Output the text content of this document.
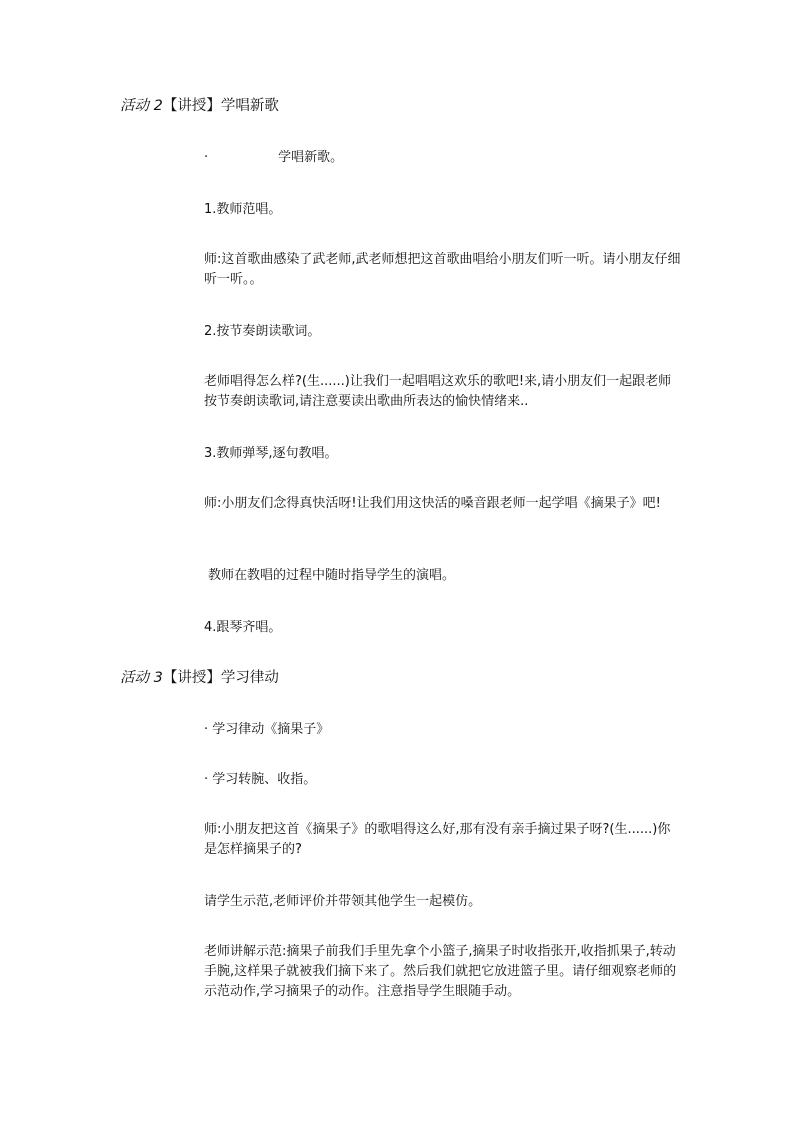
活动 2【讲授】学唱新歌
·	学唱新歌。
1.教师范唱。
师:这首歌曲感染了武老师,武老师想把这首歌曲唱给小朋友们听一听。请小朋友仔细听一听。。
2.按节奏朗读歌词。
老师唱得怎么样?(生......)让我们一起唱唱这欢乐的歌吧!来,请小朋友们一起跟老师按节奏朗读歌词,请注意要读出歌曲所表达的愉快情绪来..
3.教师弹琴,逐句教唱。
师:小朋友们念得真快活呀!让我们用这快活的嗓音跟老师一起学唱《摘果子》吧!
教师在教唱的过程中随时指导学生的演唱。
4.跟琴齐唱。
活动 3【讲授】学习律动
· 学习律动《摘果子》
· 学习转腕、收指。
师:小朋友把这首《摘果子》的歌唱得这么好,那有没有亲手摘过果子呀?(生......)你是怎样摘果子的?
请学生示范,老师评价并带领其他学生一起模仿。
老师讲解示范:摘果子前我们手里先拿个小篮子,摘果子时收指张开,收指抓果子,转动手腕,这样果子就被我们摘下来了。然后我们就把它放进篮子里。请仔细观察老师的示范动作,学习摘果子的动作。注意指导学生眼随手动。
